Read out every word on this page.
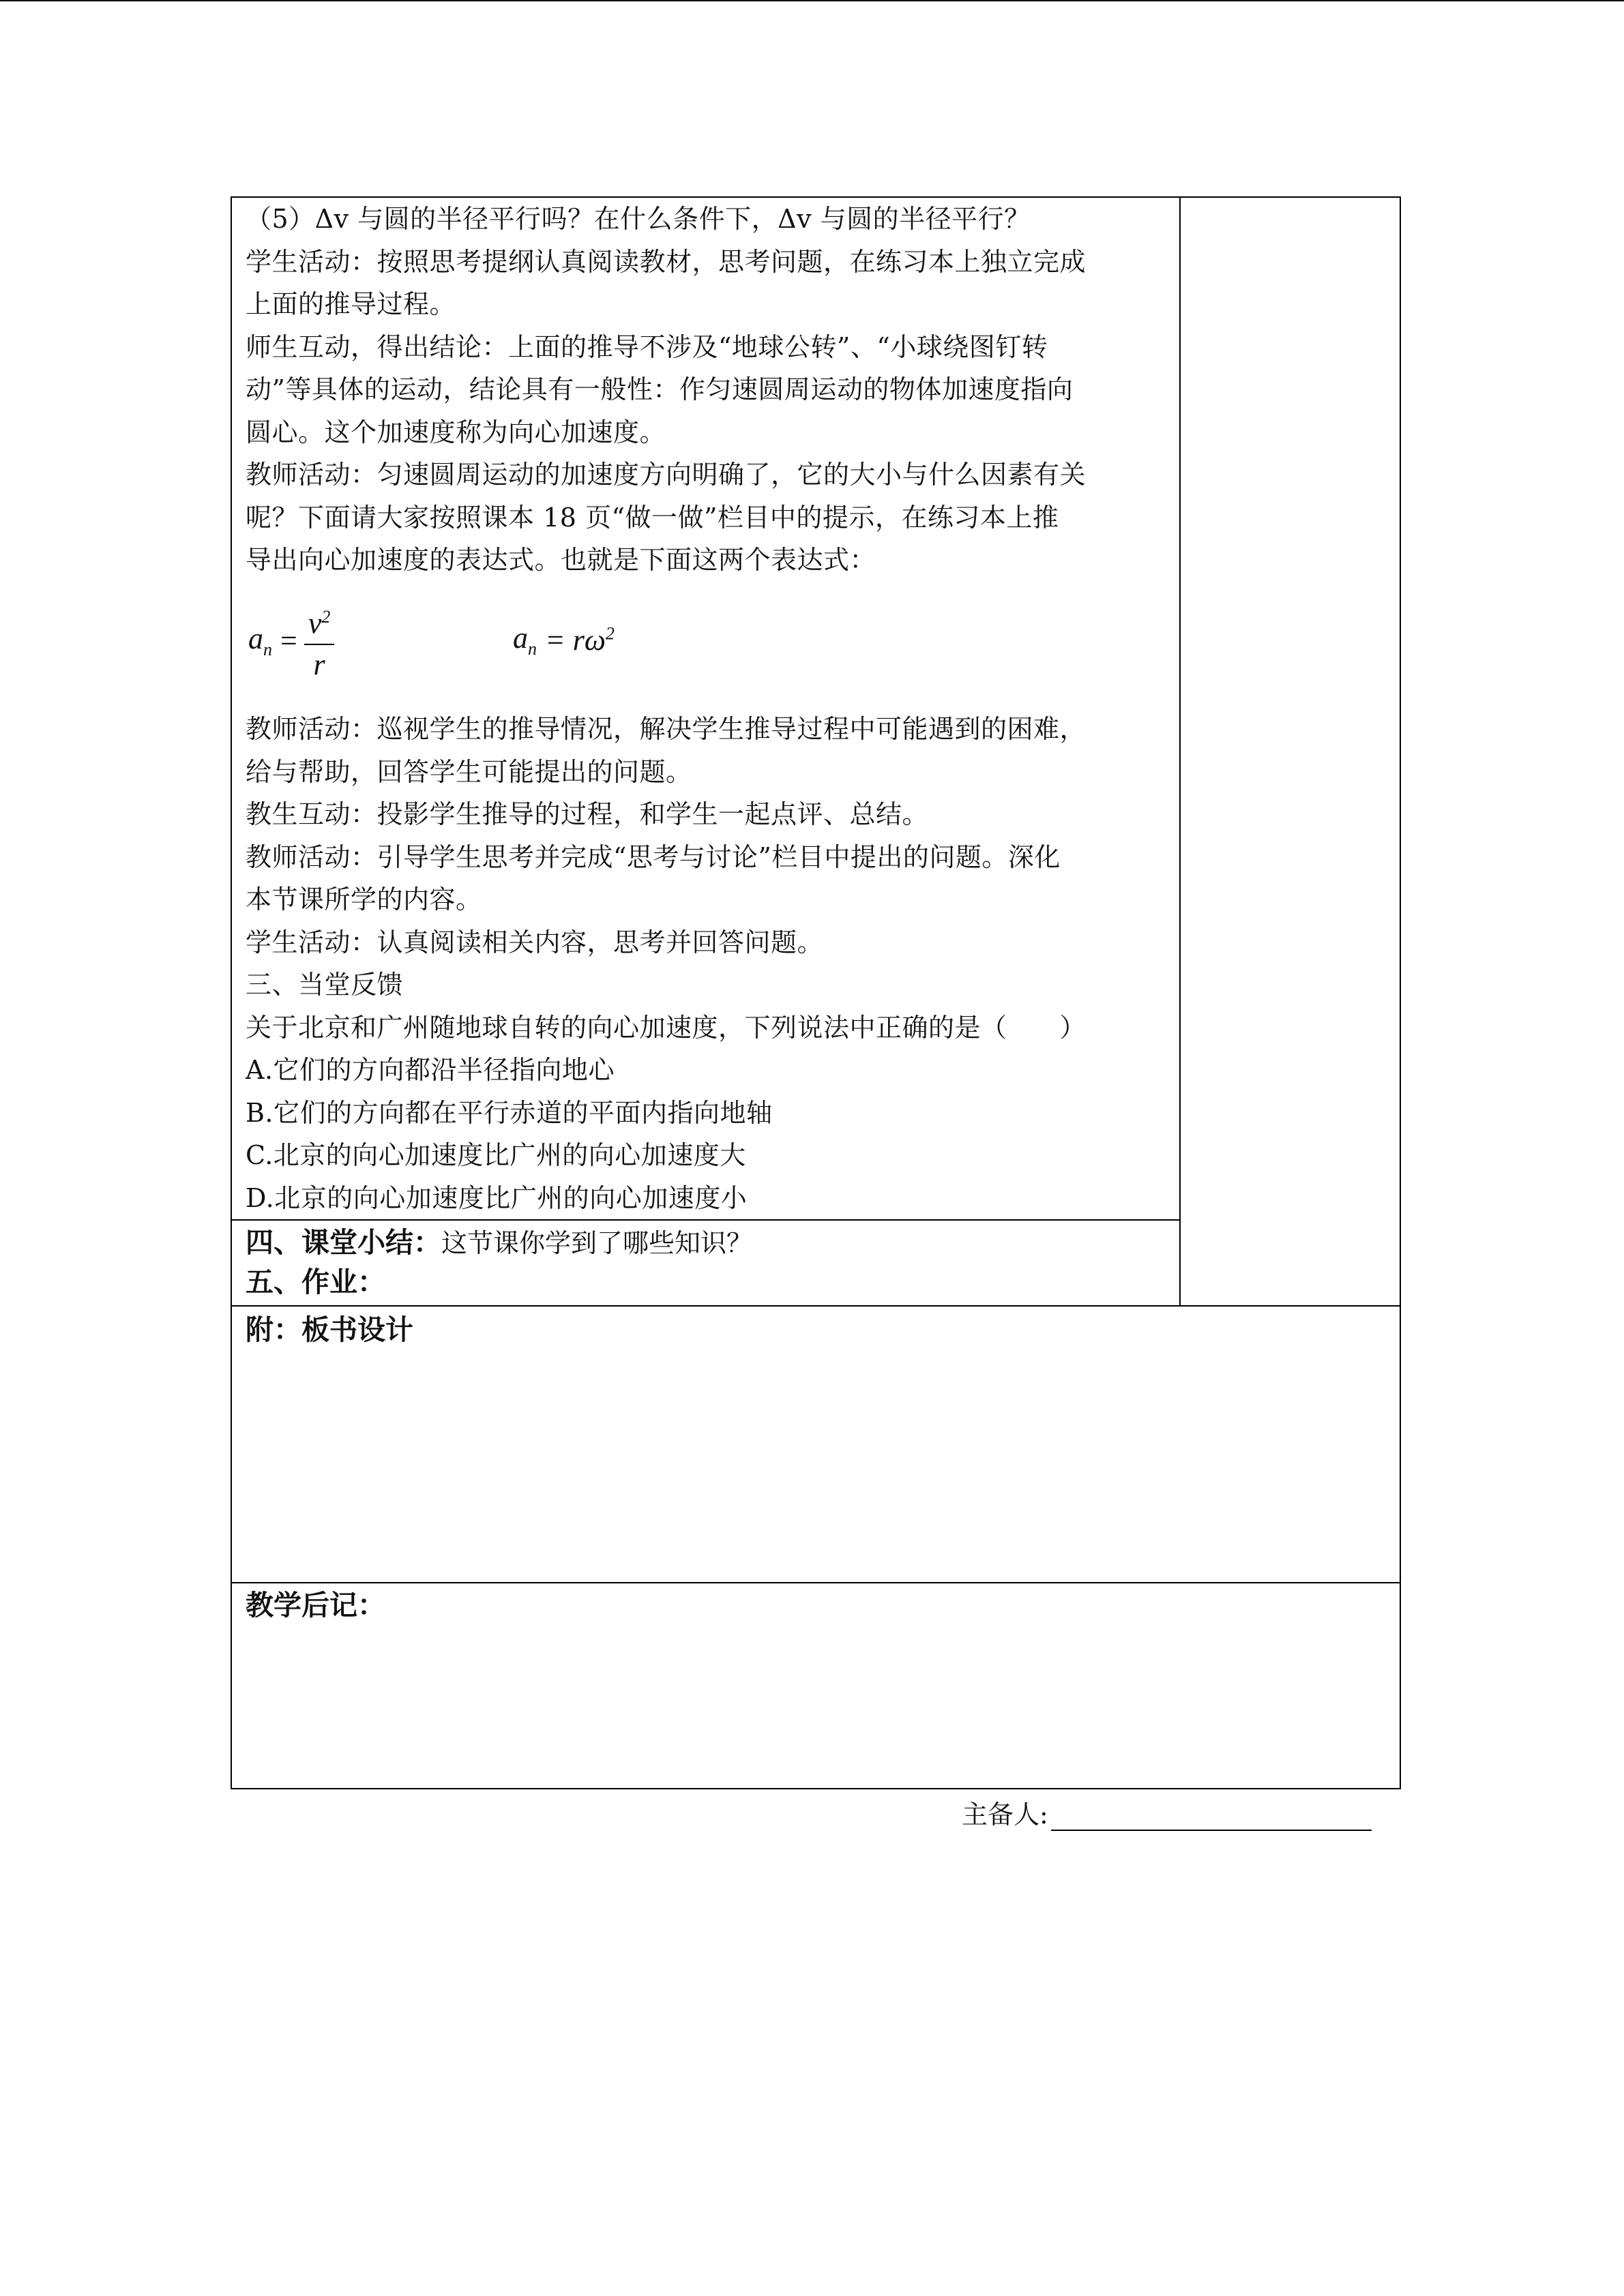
（5）Δv 与圆的半径平行吗？在什么条件下，Δv 与圆的半径平行？

学生活动：按照思考提纲认真阅读教材，思考问题，在练习本上独立完成

上面的推导过程。

师生互动，得出结论：上面的推导不涉及“地球公转”、“小球绕图钉转

动”等具体的运动，结论具有一般性：作匀速圆周运动的物体加速度指向

圆心。这个加速度称为向心加速度。

教师活动：匀速圆周运动的加速度方向明确了，它的大小与什么因素有关

呢？下面请大家按照课本 18 页“做一做”栏目中的提示，在练习本上推

导出向心加速度的表达式。也就是下面这两个表达式：

$a_n = \frac{v^2}{r}$	$a_n = r\omega^2$

教师活动：巡视学生的推导情况，解决学生推导过程中可能遇到的困难，

给与帮助，回答学生可能提出的问题。

教生互动：投影学生推导的过程，和学生一起点评、总结。

教师活动：引导学生思考并完成“思考与讨论”栏目中提出的问题。深化

本节课所学的内容。

学生活动：认真阅读相关内容，思考并回答问题。

三、当堂反馈

关于北京和广州随地球自转的向心加速度，下列说法中正确的是（　　）

A.它们的方向都沿半径指向地心

B.它们的方向都在平行赤道的平面内指向地轴

C.北京的向心加速度比广州的向心加速度大

D.北京的向心加速度比广州的向心加速度小

四、课堂小结：这节课你学到了哪些知识？
五、作业：
附：板书设计
教学后记：
主备人:
